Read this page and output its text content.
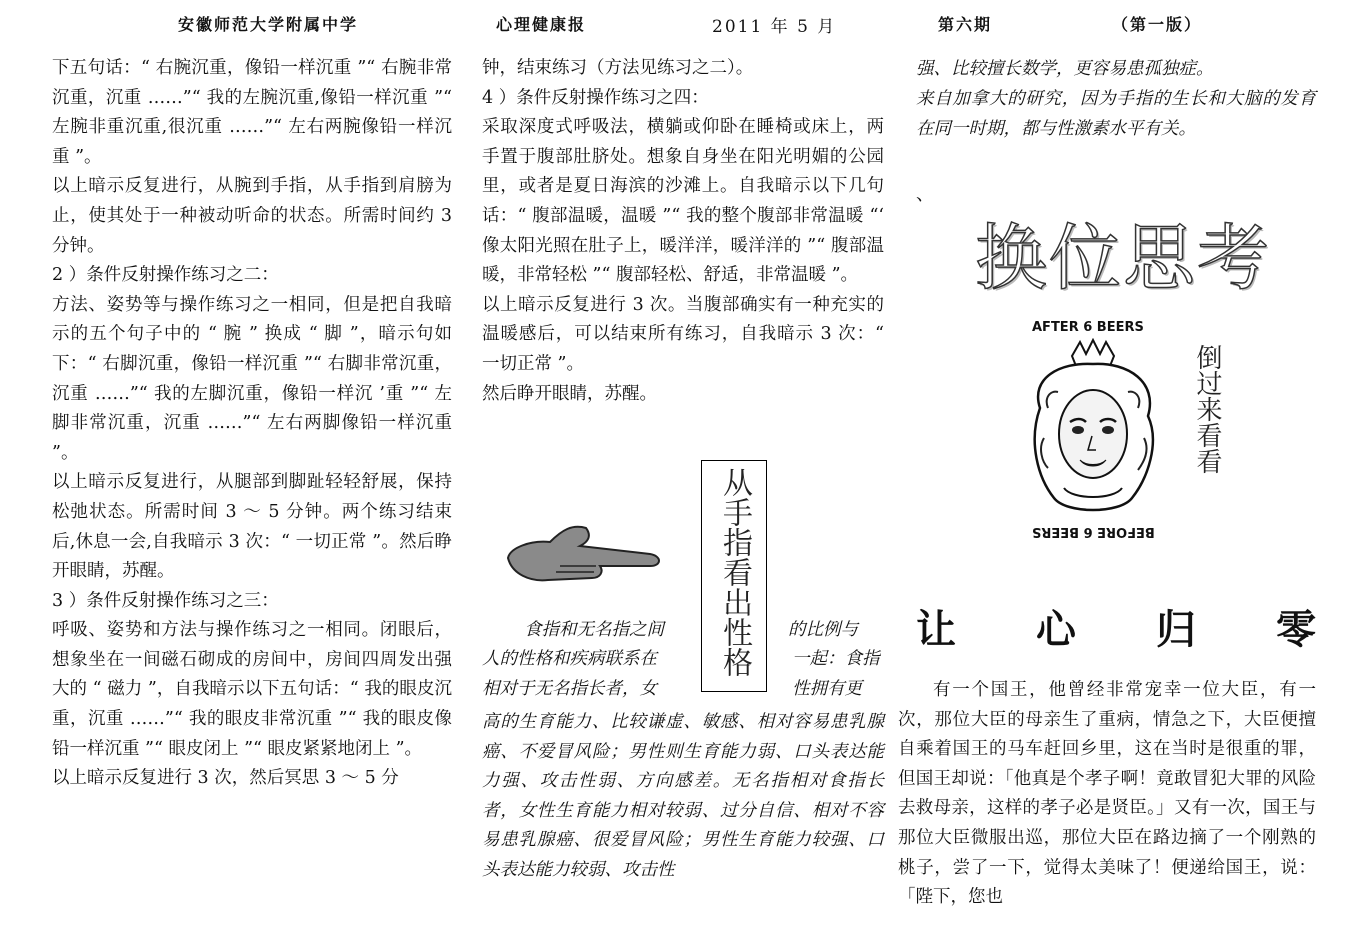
安徽师范大学附属中学	心理健康报	2011 年 5 月	第六期	（第一版）

下五句话：“ 右腕沉重，像铅一样沉重 ”“ 右腕非常沉重，沉重 ……”“ 我的左腕沉重,像铅一样沉重 ”“ 左腕非重沉重,很沉重 ……”“ 左右两腕像铅一样沉重 ”。

以上暗示反复进行，从腕到手指，从手指到肩膀为止，使其处于一种被动听命的状态。所需时间约 3 分钟。

2 ）条件反射操作练习之二：

方法、姿势等与操作练习之一相同，但是把自我暗示的五个句子中的 “ 腕 ” 换成 “ 脚 ”，暗示句如下：“ 右脚沉重，像铅一样沉重 ”“ 右脚非常沉重，沉重 ……”“ 我的左脚沉重，像铅一样沉 ’重 ”“ 左脚非常沉重，沉重 ……”“ 左右两脚像铅一样沉重 ”。

以上暗示反复进行，从腿部到脚趾轻轻舒展，保持松弛状态。所需时间 3 ～ 5 分钟。两个练习结束后,休息一会,自我暗示 3 次：“ 一切正常 ”。然后睁开眼睛，苏醒。

3 ）条件反射操作练习之三：

呼吸、姿势和方法与操作练习之一相同。闭眼后，想象坐在一间磁石砌成的房间中，房间四周发出强大的 “ 磁力 ”，自我暗示以下五句话：“ 我的眼皮沉重，沉重 ……”“ 我的眼皮非常沉重 ”“ 我的眼皮像铅一样沉重 ”“ 眼皮闭上 ”“ 眼皮紧紧地闭上 ”。

以上暗示反复进行 3 次，然后冥思 3 ～ 5 分

钟，结束练习（方法见练习之二）。

4 ）条件反射操作练习之四：

采取深度式呼吸法，横躺或仰卧在睡椅或床上，两手置于腹部肚脐处。想象自身坐在阳光明媚的公园里，或者是夏日海滨的沙滩上。自我暗示以下几句话：“ 腹部温暖，温暖 ”“ 我的整个腹部非常温暖 “‘ 像太阳光照在肚子上，暖洋洋，暖洋洋的 ”“ 腹部温暖，非常轻松 ”“ 腹部轻松、舒适，非常温暖 ”。

以上暗示反复进行 3 次。当腹部确实有一种充实的温暖感后，可以结束所有练习，自我暗示 3 次：“ 一切正常 ”。

然后睁开眼睛，苏醒。

从手指看出性格
食指和无名指之间	的比例与
人的性格和疾病联系在	一起：食指
相对于无名指长者，女	性拥有更
高的生育能力、比较谦虚、敏感、相对容易患乳腺癌、不爱冒风险；男性则生育能力弱、口头表达能力强、攻击性弱、方向感差。无名指相对食指长者，女性生育能力相对较弱、过分自信、相对不容易患乳腺癌、很爱冒风险；男性生育能力较强、口头表达能力较弱、攻击性

强、比较擅长数学，更容易患孤独症。

来自加拿大的研究，因为手指的生长和大脑的发育在同一时期，都与性激素水平有关。

、
换位思考
AFTER 6 BEERS
BEFORE 6 BEERS
倒过来看看
让 心 归 零

有一个国王，他曾经非常宠幸一位大臣，有一次，那位大臣的母亲生了重病，情急之下，大臣便擅自乘着国王的马车赶回乡里，这在当时是很重的罪，但国王却说：「他真是个孝子啊！竟敢冒犯大罪的风险去救母亲，这样的孝子必是贤臣。」又有一次，国王与那位大臣微服出巡，那位大臣在路边摘了一个刚熟的桃子，尝了一下，觉得太美味了！便递给国王，说：「陛下，您也
